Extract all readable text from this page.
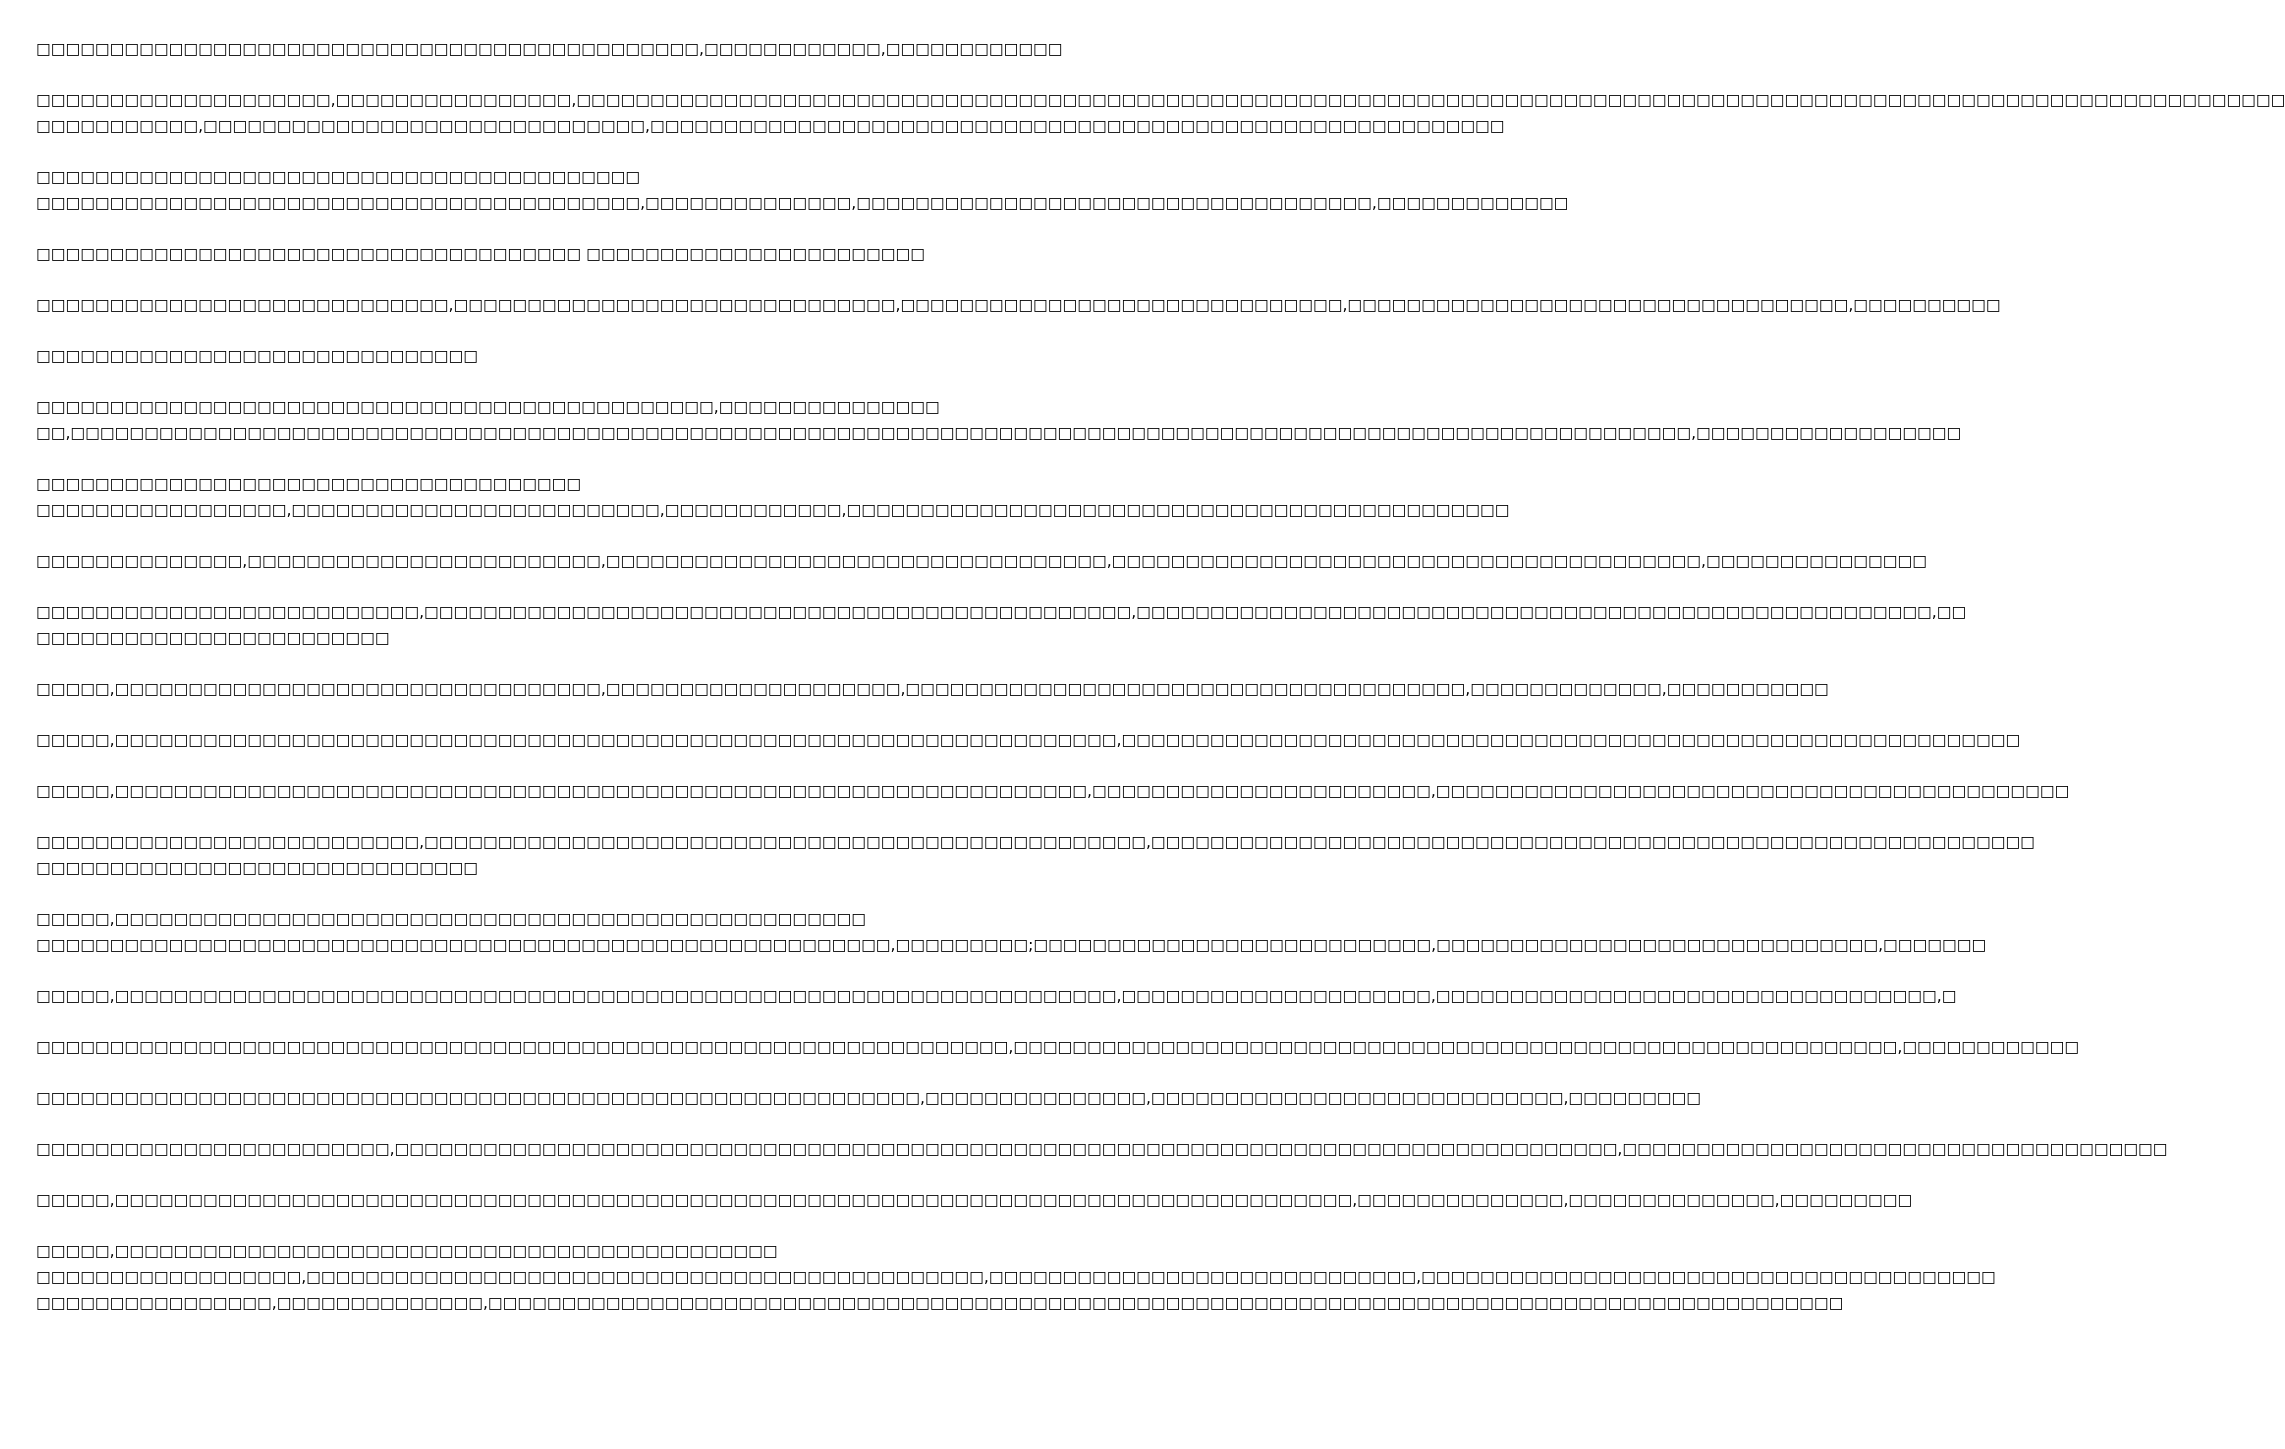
□□□□□□□□□□□□□□□□□□□□□□□□□□□□□□□□□□□□□□□□□□□□□,□□□□□□□□□□□□,□□□□□□□□□□□□
□□□□□□□□□□□□□□□□□□□□,□□□□□□□□□□□□□□□□,□□□□□□□□□□□□□□□□□□□□□□□□□□□□□□□□□□□□□□□□□□□□□□□□□□□□□□□□□□□□□□□□□□□□□□□□□□□□□□□□□□□□□□□□□□□□□□□□□□□□□□□□□□□□□□□□□□□□
□□□□□□□□□□□,□□□□□□□□□□□□□□□□□□□□□□□□□□□□□□,□□□□□□□□□□□□□□□□□□□□□□□□□□□□□□□□□□□□□□□□□□□□□□□□□□□□□□□□□□
□□□□□□□□□□□□□□□□□□□□□□□□□□□□□□□□□□□□□□□□□
□□□□□□□□□□□□□□□□□□□□□□□□□□□□□□□□□□□□□□□□□,□□□□□□□□□□□□□□,□□□□□□□□□□□□□□□□□□□□□□□□□□□□□□□□□□□,□□□□□□□□□□□□□
□□□□□□□□□□□□□□□□□□□□□□□□□□□□□□□□□□□□□ □□□□□□□□□□□□□□□□□□□□□□□
□□□□□□□□□□□□□□□□□□□□□□□□□□□□,□□□□□□□□□□□□□□□□□□□□□□□□□□□□□□,□□□□□□□□□□□□□□□□□□□□□□□□□□□□□□,□□□□□□□□□□□□□□□□□□□□□□□□□□□□□□□□□□,□□□□□□□□□□
□□□□□□□□□□□□□□□□□□□□□□□□□□□□□□
□□□□□□□□□□□□□□□□□□□□□□□□□□□□□□□□□□□□□□□□□□□□□□,□□□□□□□□□□□□□□□
□□,□□□□□□□□□□□□□□□□□□□□□□□□□□□□□□□□□□□□□□□□□□□□□□□□□□□□□□□□□□□□□□□□□□□□□□□□□□□□□□□□□□□□□□□□□□□□□□□□□□□□□□□□□□□□□□,□□□□□□□□□□□□□□□□□□
□□□□□□□□□□□□□□□□□□□□□□□□□□□□□□□□□□□□□
□□□□□□□□□□□□□□□□□,□□□□□□□□□□□□□□□□□□□□□□□□□,□□□□□□□□□□□□,□□□□□□□□□□□□□□□□□□□□□□□□□□□□□□□□□□□□□□□□□□□□□
□□□□□□□□□□□□□□,□□□□□□□□□□□□□□□□□□□□□□□□,□□□□□□□□□□□□□□□□□□□□□□□□□□□□□□□□□□,□□□□□□□□□□□□□□□□□□□□□□□□□□□□□□□□□□□□□□□□,□□□□□□□□□□□□□□□
□□□□□□□□□□□□□□□□□□□□□□□□□□,□□□□□□□□□□□□□□□□□□□□□□□□□□□□□□□□□□□□□□□□□□□□□□□□,□□□□□□□□□□□□□□□□□□□□□□□□□□□□□□□□□□□□□□□□□□□□□□□□□□□□□□,□□
□□□□□□□□□□□□□□□□□□□□□□□□
□□□□□,□□□□□□□□□□□□□□□□□□□□□□□□□□□□□□□□□,□□□□□□□□□□□□□□□□□□□□,□□□□□□□□□□□□□□□□□□□□□□□□□□□□□□□□□□□□□□,□□□□□□□□□□□□□,□□□□□□□□□□□
□□□□□,□□□□□□□□□□□□□□□□□□□□□□□□□□□□□□□□□□□□□□□□□□□□□□□□□□□□□□□□□□□□□□□□□□□□,□□□□□□□□□□□□□□□□□□□□□□□□□□□□□□□□□□□□□□□□□□□□□□□□□□□□□□□□□□□□□
□□□□□,□□□□□□□□□□□□□□□□□□□□□□□□□□□□□□□□□□□□□□□□□□□□□□□□□□□□□□□□□□□□□□□□□□,□□□□□□□□□□□□□□□□□□□□□□□,□□□□□□□□□□□□□□□□□□□□□□□□□□□□□□□□□□□□□□□□□□□
□□□□□□□□□□□□□□□□□□□□□□□□□□,□□□□□□□□□□□□□□□□□□□□□□□□□□□□□□□□□□□□□□□□□□□□□□□□□,□□□□□□□□□□□□□□□□□□□□□□□□□□□□□□□□□□□□□□□□□□□□□□□□□□□□□□□□□□□□
□□□□□□□□□□□□□□□□□□□□□□□□□□□□□□
□□□□□,□□□□□□□□□□□□□□□□□□□□□□□□□□□□□□□□□□□□□□□□□□□□□□□□□□□
□□□□□□□□□□□□□□□□□□□□□□□□□□□□□□□□□□□□□□□□□□□□□□□□□□□□□□□□□□,□□□□□□□□□;□□□□□□□□□□□□□□□□□□□□□□□□□□□,□□□□□□□□□□□□□□□□□□□□□□□□□□□□□□,□□□□□□□
□□□□□,□□□□□□□□□□□□□□□□□□□□□□□□□□□□□□□□□□□□□□□□□□□□□□□□□□□□□□□□□□□□□□□□□□□□,□□□□□□□□□□□□□□□□□□□□□,□□□□□□□□□□□□□□□□□□□□□□□□□□□□□□□□□□,□
□□□□□□□□□□□□□□□□□□□□□□□□□□□□□□□□□□□□□□□□□□□□□□□□□□□□□□□□□□□□□□□□□□,□□□□□□□□□□□□□□□□□□□□□□□□□□□□□□□□□□□□□□□□□□□□□□□□□□□□□□□□□□□□,□□□□□□□□□□□□
□□□□□□□□□□□□□□□□□□□□□□□□□□□□□□□□□□□□□□□□□□□□□□□□□□□□□□□□□□□□,□□□□□□□□□□□□□□□,□□□□□□□□□□□□□□□□□□□□□□□□□□□□,□□□□□□□□□
□□□□□□□□□□□□□□□□□□□□□□□□,□□□□□□□□□□□□□□□□□□□□□□□□□□□□□□□□□□□□□□□□□□□□□□□□□□□□□□□□□□□□□□□□□□□□□□□□□□□□□□□□□□□,□□□□□□□□□□□□□□□□□□□□□□□□□□□□□□□□□□□□□
□□□□□,□□□□□□□□□□□□□□□□□□□□□□□□□□□□□□□□□□□□□□□□□□□□□□□□□□□□□□□□□□□□□□□□□□□□□□□□□□□□□□□□□□□□,□□□□□□□□□□□□□□,□□□□□□□□□□□□□□,□□□□□□□□□
□□□□□,□□□□□□□□□□□□□□□□□□□□□□□□□□□□□□□□□□□□□□□□□□□□□
□□□□□□□□□□□□□□□□□□,□□□□□□□□□□□□□□□□□□□□□□□□□□□□□□□□□□□□□□□□□□□□□□,□□□□□□□□□□□□□□□□□□□□□□□□□□□□□,□□□□□□□□□□□□□□□□□□□□□□□□□□□□□□□□□□□□□□□
□□□□□□□□□□□□□□□□,□□□□□□□□□□□□□□,□□□□□□□□□□□□□□□□□□□□□□□□□□□□□□□□□□□□□□□□□□□□□□□□□□□□□□□□□□□□□□□□□□□□□□□□□□□□□□□□□□□□□□□□□□□□
